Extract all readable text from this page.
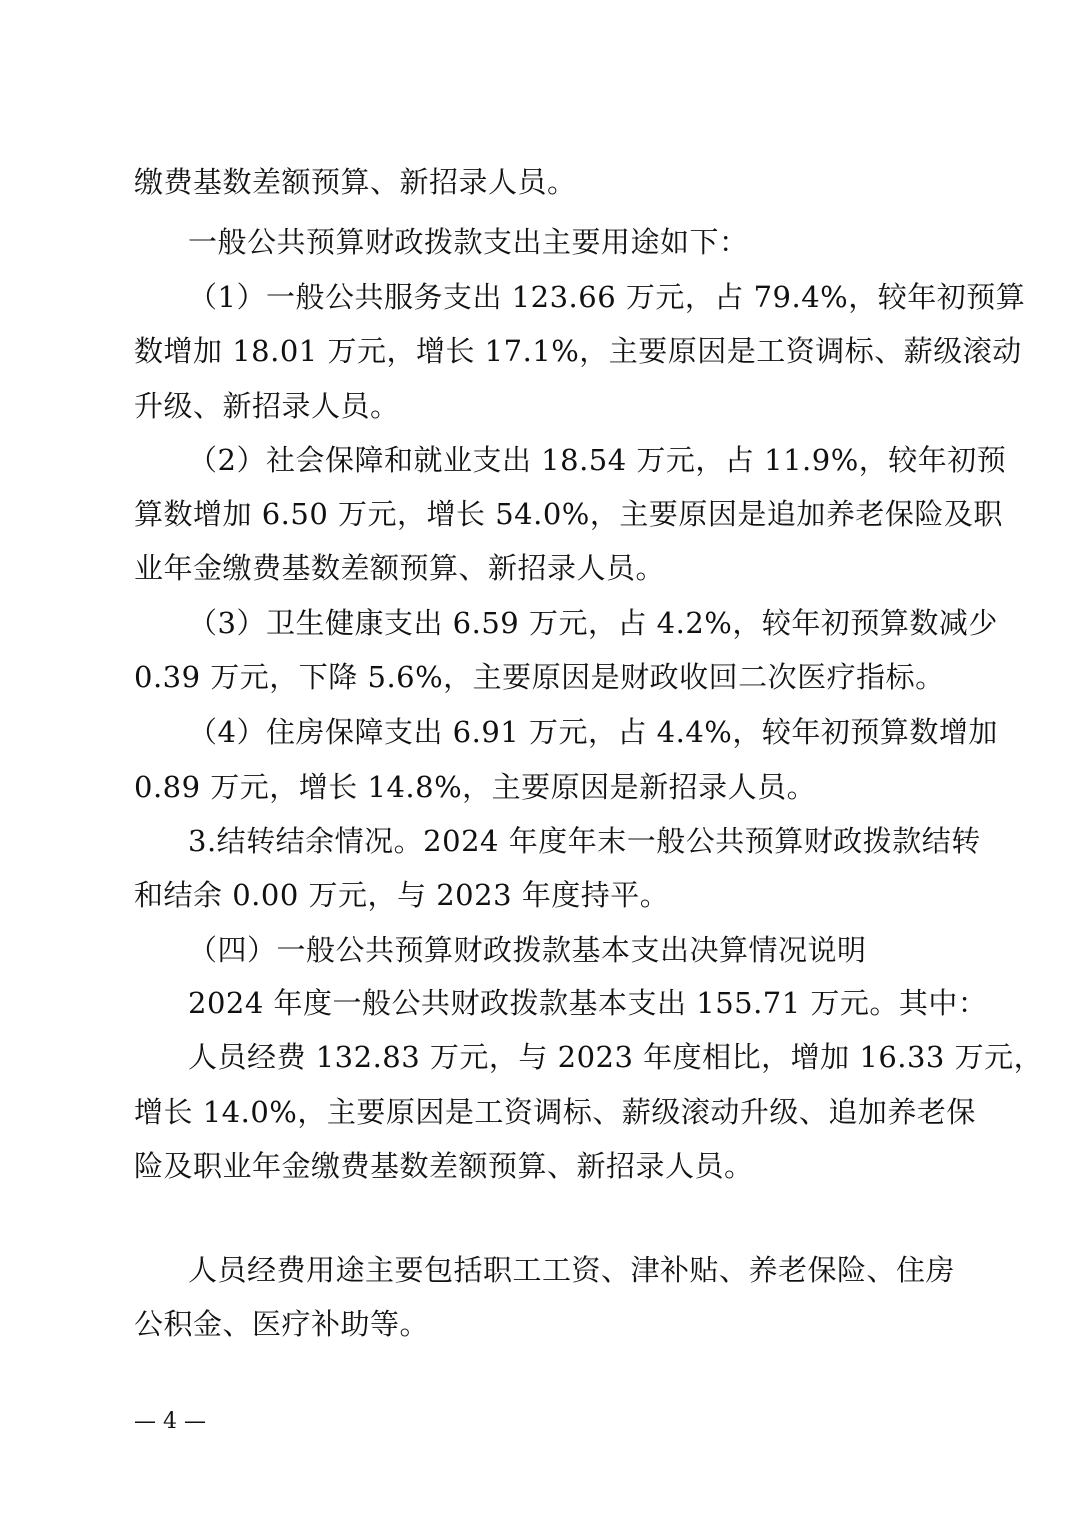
缴费基数差额预算、新招录人员。
一般公共预算财政拨款支出主要用途如下：
（1）一般公共服务支出 123.66 万元，占 79.4%，较年初预算
数增加 18.01 万元，增长 17.1%，主要原因是工资调标、薪级滚动
升级、新招录人员。
（2）社会保障和就业支出 18.54 万元，占 11.9%，较年初预
算数增加 6.50 万元，增长 54.0%，主要原因是追加养老保险及职
业年金缴费基数差额预算、新招录人员。
（3）卫生健康支出 6.59 万元，占 4.2%，较年初预算数减少
0.39 万元，下降 5.6%，主要原因是财政收回二次医疗指标。
（4）住房保障支出 6.91 万元，占 4.4%，较年初预算数增加
0.89 万元，增长 14.8%，主要原因是新招录人员。
3.结转结余情况。2024 年度年末一般公共预算财政拨款结转
和结余 0.00 万元，与 2023 年度持平。
（四）一般公共预算财政拨款基本支出决算情况说明
2024 年度一般公共财政拨款基本支出 155.71 万元。其中：
人员经费 132.83 万元，与 2023 年度相比，增加 16.33 万元，
增长 14.0%，主要原因是工资调标、薪级滚动升级、追加养老保
险及职业年金缴费基数差额预算、新招录人员。
人员经费用途主要包括职工工资、津补贴、养老保险、住房
公积金、医疗补助等。
— 4 —
